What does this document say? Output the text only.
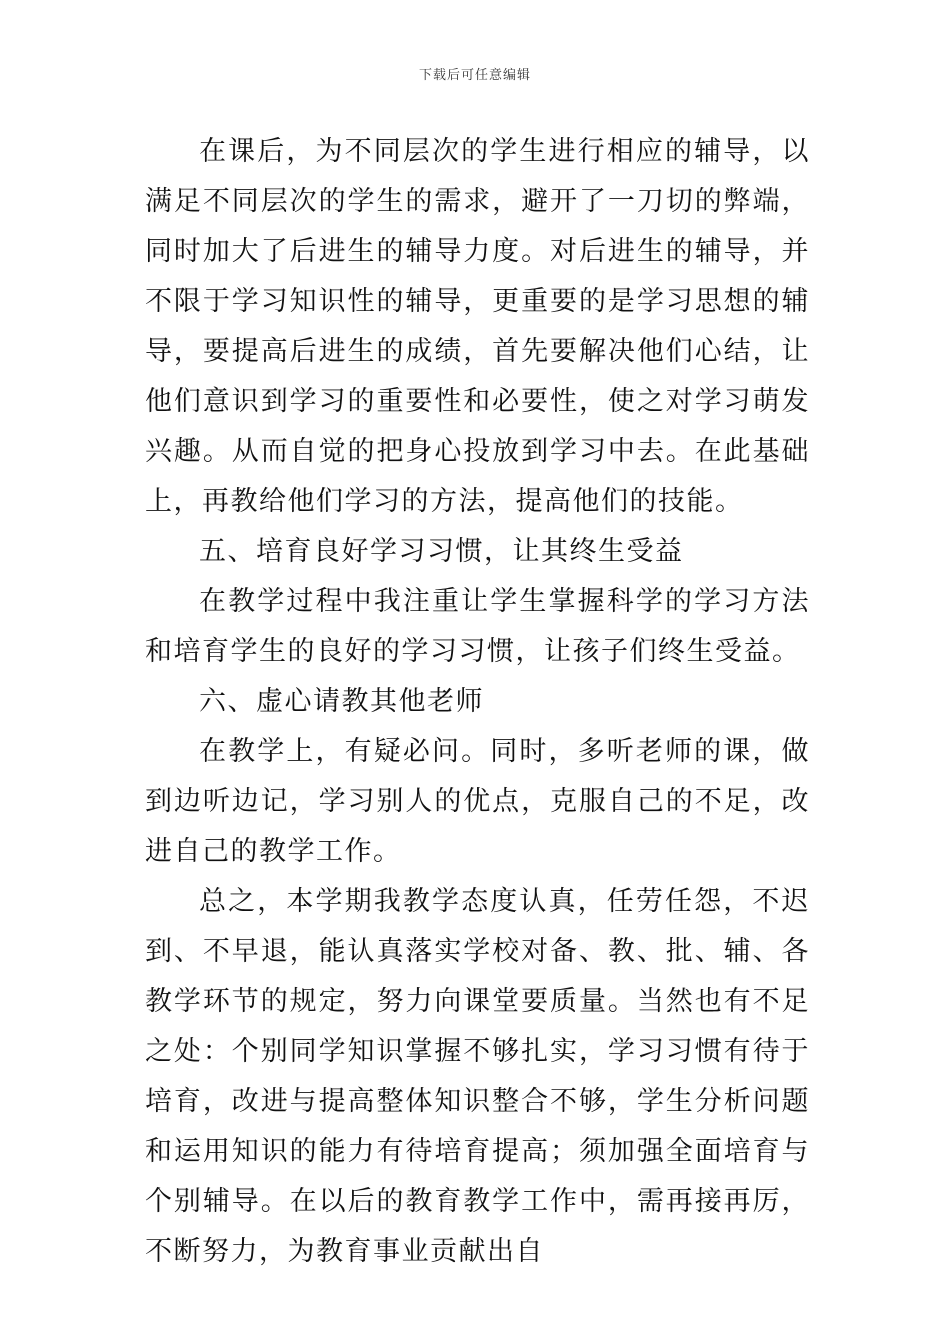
下载后可任意编辑

在课后，为不同层次的学生进行相应的辅导，以满足不同层次的学生的需求，避开了一刀切的弊端，同时加大了后进生的辅导力度。对后进生的辅导，并不限于学习知识性的辅导，更重要的是学习思想的辅导，要提高后进生的成绩，首先要解决他们心结，让他们意识到学习的重要性和必要性，使之对学习萌发兴趣。从而自觉的把身心投放到学习中去。在此基础上，再教给他们学习的方法，提高他们的技能。

五、培育良好学习习惯，让其终生受益

在教学过程中我注重让学生掌握科学的学习方法和培育学生的良好的学习习惯，让孩子们终生受益。

六、虚心请教其他老师

在教学上，有疑必问。同时，多听老师的课，做到边听边记，学习别人的优点，克服自己的不足，改进自己的教学工作。

总之，本学期我教学态度认真，任劳任怨，不迟到、不早退，能认真落实学校对备、教、批、辅、各教学环节的规定，努力向课堂要质量。当然也有不足之处：个别同学知识掌握不够扎实，学习习惯有待于培育，改进与提高整体知识整合不够，学生分析问题和运用知识的能力有待培育提高；须加强全面培育与个别辅导。在以后的教育教学工作中，需再接再厉，不断努力，为教育事业贡献出自
